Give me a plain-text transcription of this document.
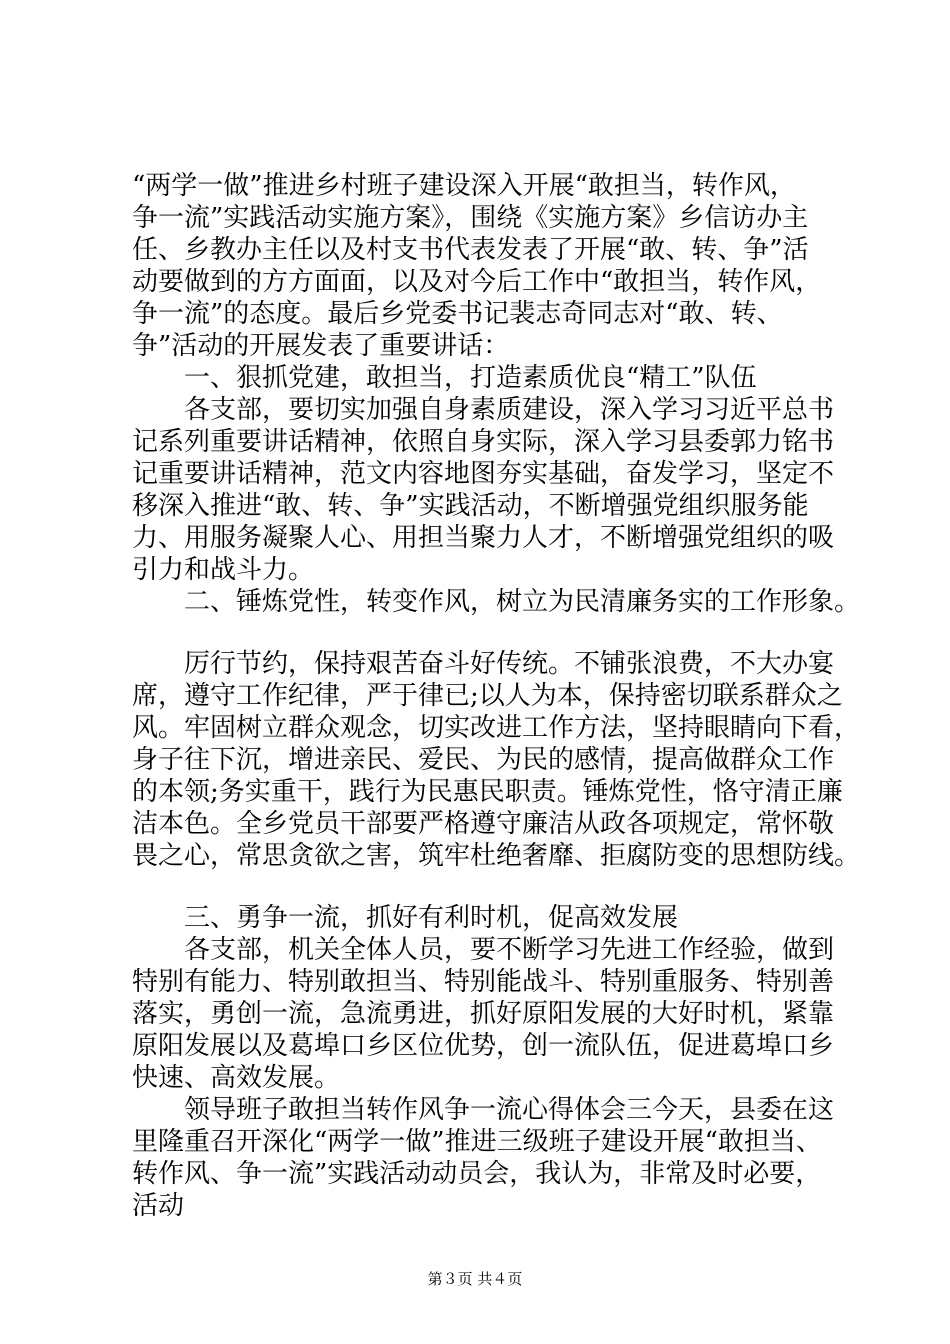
“两学一做”推进乡村班子建设深入开展“敢担当，转作风，
争一流”实践活动实施方案》，围绕《实施方案》乡信访办主
任、乡教办主任以及村支书代表发表了开展“敢、转、争”活
动要做到的方方面面，以及对今后工作中“敢担当，转作风，
争一流”的态度。最后乡党委书记裴志奇同志对“敢、转、
争”活动的开展发表了重要讲话：
　　一、狠抓党建，敢担当，打造素质优良“精工”队伍
　　各支部，要切实加强自身素质建设，深入学习习近平总书
记系列重要讲话精神，依照自身实际，深入学习县委郭力铭书
记重要讲话精神，范文内容地图夯实基础，奋发学习，坚定不
移深入推进“敢、转、争”实践活动，不断增强党组织服务能
力、用服务凝聚人心、用担当聚力人才，不断增强党组织的吸
引力和战斗力。
　　二、锤炼党性，转变作风，树立为民清廉务实的工作形象。
　　厉行节约，保持艰苦奋斗好传统。不铺张浪费，不大办宴
席，遵守工作纪律，严于律已;以人为本，保持密切联系群众之
风。牢固树立群众观念，切实改进工作方法，坚持眼睛向下看，
身子往下沉，增进亲民、爱民、为民的感情，提高做群众工作
的本领;务实重干，践行为民惠民职责。锤炼党性，恪守清正廉
洁本色。全乡党员干部要严格遵守廉洁从政各项规定，常怀敬
畏之心，常思贪欲之害，筑牢杜绝奢靡、拒腐防变的思想防线。
　　三、勇争一流，抓好有利时机，促高效发展
　　各支部，机关全体人员，要不断学习先进工作经验，做到
特别有能力、特别敢担当、特别能战斗、特别重服务、特别善
落实，勇创一流，急流勇进，抓好原阳发展的大好时机，紧靠
原阳发展以及葛埠口乡区位优势，创一流队伍，促进葛埠口乡
快速、高效发展。
　　领导班子敢担当转作风争一流心得体会三今天，县委在这
里隆重召开深化“两学一做”推进三级班子建设开展“敢担当、
转作风、争一流”实践活动动员会，我认为，非常及时必要，
活动
第３页 共４页
